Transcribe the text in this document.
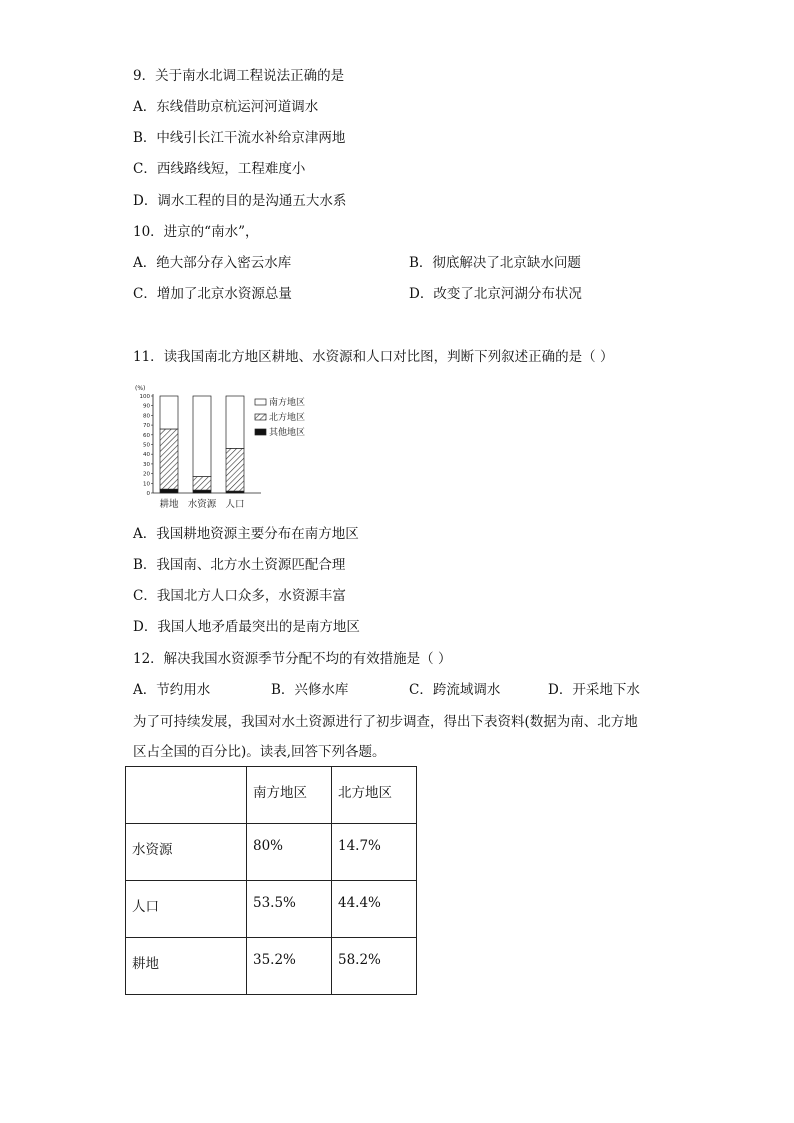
9．关于南水北调工程说法正确的是
A．东线借助京杭运河河道调水
B．中线引长江干流水补给京津两地
C．西线路线短，工程难度小
D．调水工程的目的是沟通五大水系
10．进京的“南水”，
A．绝大部分存入密云水库	B．彻底解决了北京缺水问题
C．增加了北京水资源总量	D．改变了北京河湖分布状况
11．读我国南北方地区耕地、水资源和人口对比图，判断下列叙述正确的是（ ）
(%)
100
90
80
70
60
50
40
30
20
10
0
耕地 水资源 人口
南方地区
北方地区
其他地区
A．我国耕地资源主要分布在南方地区
B．我国南、北方水土资源匹配合理
C．我国北方人口众多，水资源丰富
D．我国人地矛盾最突出的是南方地区
12．解决我国水资源季节分配不均的有效措施是（ ）
A．节约用水	B．兴修水库	C．跨流域调水	D．开采地下水
为了可持续发展，我国对水土资源进行了初步调查，得出下表资料(数据为南、北方地
区占全国的百分比)。读表,回答下列各题。
	南方地区	北方地区
水资源	80%	14.7%
人口	53.5%	44.4%
耕地	35.2%	58.2%
